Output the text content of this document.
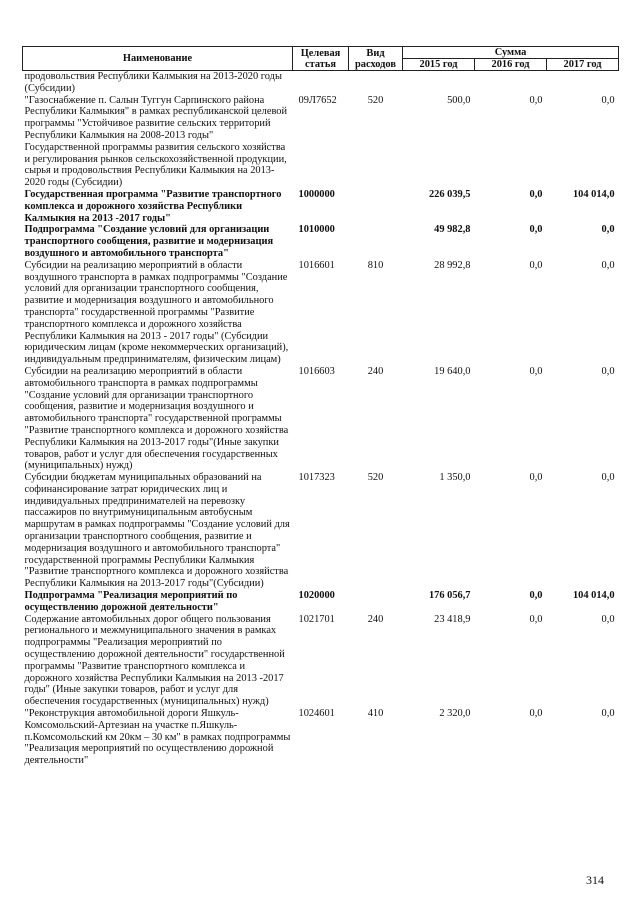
Наименование	Целевая статья	Вид расходов	Сумма		
			2015 год	2016 год	2017 год
продовольствия Республики Калмыкия на 2013-2020 годы (Субсидии)					
"Газоснабжение п. Салын Туггун Сарпинского района Республики Калмыкия" в рамках республиканской целевой программы "Устойчивое развитие сельских территорий Республики Калмыкия на 2008-2013 годы" Государственной программы развития сельского хозяйства и регулирования рынков сельскохозяйственной продукции, сырья и продовольствия Республики Калмыкия на 2013-2020 годы (Субсидии)	09Л7652	520	500,0	0,0	0,0
Государственная программа "Развитие транспортного комплекса и дорожного хозяйства Республики Калмыкия на 2013 -2017 годы"	1000000		226 039,5	0,0	104 014,0
Подпрограмма "Создание условий для организации транспортного сообщения, развитие и модернизация воздушного и автомобильного транспорта"	1010000		49 982,8	0,0	0,0
Субсидии на реализацию мероприятий в области воздушного транспорта в рамках подпрограммы "Создание условий для организации транспортного сообщения, развитие и модернизация воздушного и автомобильного транспорта" государственной программы "Развитие транспортного комплекса и дорожного хозяйства Республики Калмыкия на 2013 - 2017 годы" (Субсидии юридическим лицам (кроме некоммерческих организаций), индивидуальным предпринимателям, физическим лицам)	1016601	810	28 992,8	0,0	0,0
Субсидии на реализацию мероприятий в области автомобильного транспорта в рамках подпрограммы "Создание условий для организации транспортного сообщения, развитие и модернизация воздушного и автомобильного транспорта" государственной программы "Развитие транспортного комплекса и дорожного хозяйства Республики Калмыкия на 2013-2017 годы"(Иные закупки товаров, работ и услуг для обеспечения государственных (муниципальных) нужд)	1016603	240	19 640,0	0,0	0,0
Субсидии бюджетам муниципальных образований на софинансирование затрат юридических лиц и индивидуальных предпринимателей на перевозку пассажиров по внутримуниципальным автобусным маршрутам в рамках подпрограммы "Создание условий для организации транспортного сообщения, развитие и модернизация воздушного и автомобильного транспорта" государственной программы Республики Калмыкия "Развитие транспортного комплекса и дорожного хозяйства Республики Калмыкия на 2013-2017 годы"(Субсидии)	1017323	520	1 350,0	0,0	0,0
Подпрограмма "Реализация мероприятий по осуществлению дорожной деятельности"	1020000		176 056,7	0,0	104 014,0
Содержание автомобильных дорог общего пользования регионального и межмуниципального значения в рамках подпрограммы "Реализация мероприятий по осуществлению дорожной деятельности" государственной программы "Развитие транспортного комплекса и дорожного хозяйства Республики Калмыкия на 2013 -2017 годы" (Иные закупки товаров, работ и услуг для обеспечения государственных (муниципальных) нужд)	1021701	240	23 418,9	0,0	0,0
"Реконструкция автомобильной дороги Яшкуль-Комсомольский-Артезиан на участке п.Яшкуль-п.Комсомольский км 20км – 30 км" в рамках подпрограммы "Реализация мероприятий по осуществлению дорожной деятельности"	1024601	410	2 320,0	0,0	0,0
314
